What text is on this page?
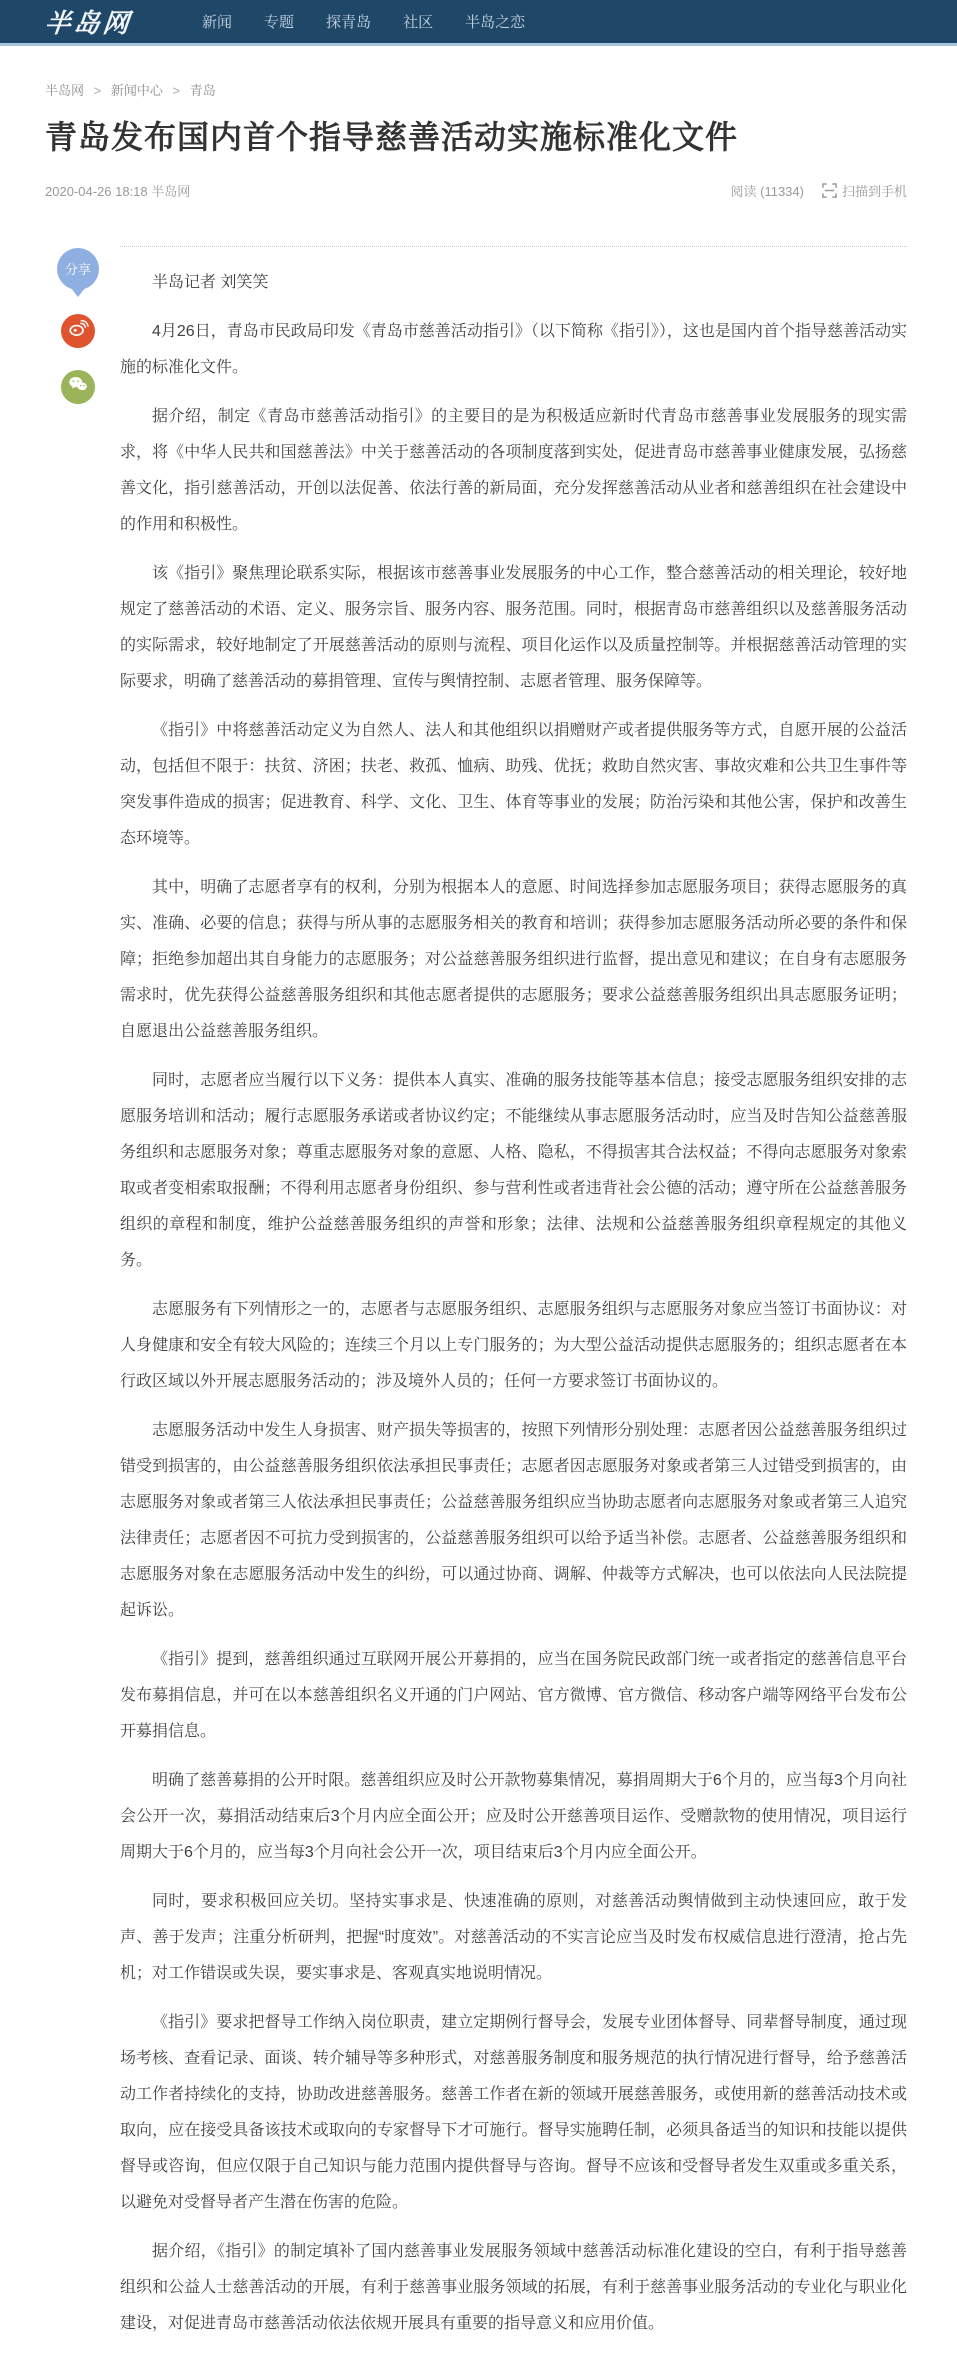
半岛网	新闻 专题 探青岛 社区 半岛之恋
半岛网 > 新闻中心 > 青岛
青岛发布国内首个指导慈善活动实施标准化文件
2020-04-26 18:18 半岛网	阅读 (11334)	扫描到手机
分享

半岛记者 刘笑笑

4月26日，青岛市民政局印发《青岛市慈善活动指引》（以下简称《指引》），这也是国内首个指导慈善活动实施的标准化文件。

据介绍，制定《青岛市慈善活动指引》的主要目的是为积极适应新时代青岛市慈善事业发展服务的现实需求，将《中华人民共和国慈善法》中关于慈善活动的各项制度落到实处，促进青岛市慈善事业健康发展，弘扬慈善文化，指引慈善活动，开创以法促善、依法行善的新局面，充分发挥慈善活动从业者和慈善组织在社会建设中的作用和积极性。

该《指引》聚焦理论联系实际，根据该市慈善事业发展服务的中心工作，整合慈善活动的相关理论，较好地规定了慈善活动的术语、定义、服务宗旨、服务内容、服务范围。同时，根据青岛市慈善组织以及慈善服务活动的实际需求，较好地制定了开展慈善活动的原则与流程、项目化运作以及质量控制等。并根据慈善活动管理的实际要求，明确了慈善活动的募捐管理、宣传与舆情控制、志愿者管理、服务保障等。

《指引》中将慈善活动定义为自然人、法人和其他组织以捐赠财产或者提供服务等方式，自愿开展的公益活动，包括但不限于：扶贫、济困；扶老、救孤、恤病、助残、优抚；救助自然灾害、事故灾难和公共卫生事件等突发事件造成的损害；促进教育、科学、文化、卫生、体育等事业的发展；防治污染和其他公害，保护和改善生态环境等。

其中，明确了志愿者享有的权利，分别为根据本人的意愿、时间选择参加志愿服务项目；获得志愿服务的真实、准确、必要的信息；获得与所从事的志愿服务相关的教育和培训；获得参加志愿服务活动所必要的条件和保障；拒绝参加超出其自身能力的志愿服务；对公益慈善服务组织进行监督，提出意见和建议；在自身有志愿服务需求时，优先获得公益慈善服务组织和其他志愿者提供的志愿服务；要求公益慈善服务组织出具志愿服务证明；自愿退出公益慈善服务组织。

同时，志愿者应当履行以下义务：提供本人真实、准确的服务技能等基本信息；接受志愿服务组织安排的志愿服务培训和活动；履行志愿服务承诺或者协议约定；不能继续从事志愿服务活动时，应当及时告知公益慈善服务组织和志愿服务对象；尊重志愿服务对象的意愿、人格、隐私，不得损害其合法权益；不得向志愿服务对象索取或者变相索取报酬；不得利用志愿者身份组织、参与营利性或者违背社会公德的活动；遵守所在公益慈善服务组织的章程和制度，维护公益慈善服务组织的声誉和形象；法律、法规和公益慈善服务组织章程规定的其他义务。

志愿服务有下列情形之一的，志愿者与志愿服务组织、志愿服务组织与志愿服务对象应当签订书面协议：对人身健康和安全有较大风险的；连续三个月以上专门服务的；为大型公益活动提供志愿服务的；组织志愿者在本行政区域以外开展志愿服务活动的；涉及境外人员的；任何一方要求签订书面协议的。

志愿服务活动中发生人身损害、财产损失等损害的，按照下列情形分别处理：志愿者因公益慈善服务组织过错受到损害的，由公益慈善服务组织依法承担民事责任；志愿者因志愿服务对象或者第三人过错受到损害的，由志愿服务对象或者第三人依法承担民事责任；公益慈善服务组织应当协助志愿者向志愿服务对象或者第三人追究法律责任；志愿者因不可抗力受到损害的，公益慈善服务组织可以给予适当补偿。志愿者、公益慈善服务组织和志愿服务对象在志愿服务活动中发生的纠纷，可以通过协商、调解、仲裁等方式解决，也可以依法向人民法院提起诉讼。

《指引》提到，慈善组织通过互联网开展公开募捐的，应当在国务院民政部门统一或者指定的慈善信息平台发布募捐信息，并可在以本慈善组织名义开通的门户网站、官方微博、官方微信、移动客户端等网络平台发布公开募捐信息。

明确了慈善募捐的公开时限。慈善组织应及时公开款物募集情况，募捐周期大于6个月的，应当每3个月向社会公开一次，募捐活动结束后3个月内应全面公开；应及时公开慈善项目运作、受赠款物的使用情况，项目运行周期大于6个月的，应当每3个月向社会公开一次，项目结束后3个月内应全面公开。

同时，要求积极回应关切。坚持实事求是、快速准确的原则，对慈善活动舆情做到主动快速回应，敢于发声、善于发声；注重分析研判，把握“时度效”。对慈善活动的不实言论应当及时发布权威信息进行澄清，抢占先机；对工作错误或失误，要实事求是、客观真实地说明情况。

《指引》要求把督导工作纳入岗位职责，建立定期例行督导会，发展专业团体督导、同辈督导制度，通过现场考核、查看记录、面谈、转介辅导等多种形式，对慈善服务制度和服务规范的执行情况进行督导，给予慈善活动工作者持续化的支持，协助改进慈善服务。慈善工作者在新的领域开展慈善服务，或使用新的慈善活动技术或取向，应在接受具备该技术或取向的专家督导下才可施行。督导实施聘任制，必须具备适当的知识和技能以提供督导或咨询，但应仅限于自己知识与能力范围内提供督导与咨询。督导不应该和受督导者发生双重或多重关系，以避免对受督导者产生潜在伤害的危险。

据介绍，《指引》的制定填补了国内慈善事业发展服务领域中慈善活动标准化建设的空白，有利于指导慈善组织和公益人士慈善活动的开展，有利于慈善事业服务领域的拓展，有利于慈善事业服务活动的专业化与职业化建设，对促进青岛市慈善活动依法依规开展具有重要的指导意义和应用价值。
